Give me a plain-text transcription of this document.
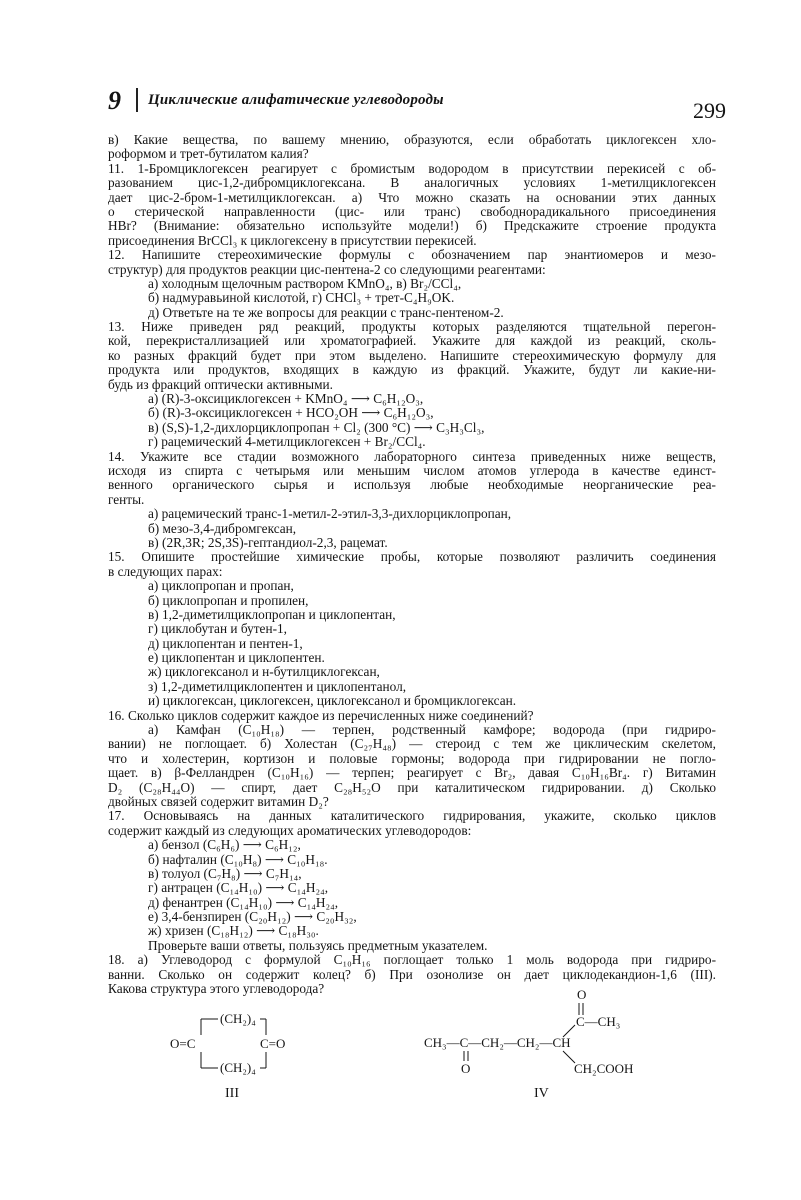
9 Циклические алифатические углеводороды	299
в) Какие вещества, по вашему мнению, образуются, если обработать циклогексен хло-
роформом и трет-бутилатом калия?
11. 1-Бромциклогексен реагирует с бромистым водородом в присутствии перекисей с об-
разованием цис-1,2-дибромциклогексана. В аналогичных условиях 1-метилциклогексен
дает цис-2-бром-1-метилциклогексан. а) Что можно сказать на основании этих данных
о стерической направленности (цис- или транс) свободнорадикального присоединения
HBr? (Внимание: обязательно используйте модели!) б) Предскажите строение продукта
присоединения BrCCl₃ к циклогексену в присутствии перекисей.
12. Напишите стереохимические формулы с обозначением пар энантиомеров и мезо-
структур) для продуктов реакции цис-пентена-2 со следующими реагентами:
а) холодным щелочным раствором KMnO₄, в) Br₂/CCl₄,
б) надмуравьиной кислотой, г) CHCl₃ + трет-C₄H₉OK.
д) Ответьте на те же вопросы для реакции с транс-пентеном-2.
13. Ниже приведен ряд реакций, продукты которых разделяются тщательной перегон-
кой, перекристаллизацией или хроматографией. Укажите для каждой из реакций, сколь-
ко разных фракций будет при этом выделено. Напишите стереохимическую формулу для
продукта или продуктов, входящих в каждую из фракций. Укажите, будут ли какие-ни-
будь из фракций оптически активными.
а) (R)-3-оксициклогексен + KMnO₄ ⟶ C₆H₁₂O₃,
б) (R)-3-оксициклогексен + HCO₂OH ⟶ C₆H₁₂O₃,
в) (S,S)-1,2-дихлорциклопропан + Cl₂ (300 °C) ⟶ C₃H₃Cl₃,
г) рацемический 4-метилциклогексен + Br₂/CCl₄.
14. Укажите все стадии возможного лабораторного синтеза приведенных ниже веществ,
исходя из спирта с четырьмя или меньшим числом атомов углерода в качестве единст-
венного органического сырья и используя любые необходимые неорганические реа-
генты.
а) рацемический транс-1-метил-2-этил-3,3-дихлорциклопропан,
б) мезо-3,4-дибромгексан,
в) (2R,3R; 2S,3S)-гептандиол-2,3, рацемат.
15. Опишите простейшие химические пробы, которые позволяют различить соединения
в следующих парах:
а) циклопропан и пропан,
б) циклопропан и пропилен,
в) 1,2-диметилциклопропан и циклопентан,
г) циклобутан и бутен-1,
д) циклопентан и пентен-1,
е) циклопентан и циклопентен.
ж) циклогексанол и н-бутилциклогексан,
з) 1,2-диметилциклопентен и циклопентанол,
и) циклогексан, циклогексен, циклогексанол и бромциклогексан.
16. Сколько циклов содержит каждое из перечисленных ниже соединений?
а) Камфан (C₁₀H₁₈) — терпен, родственный камфоре; водорода (при гидриро-
вании) не поглощает. б) Холестан (C₂₇H₄₈) — стероид с тем же циклическим скелетом,
что и холестерин, кортизон и половые гормоны; водорода при гидрировании не погло-
щает. в) β-Феллaндрен (C₁₀H₁₆) — терпен; реагирует с Br₂, давая C₁₀H₁₆Br₄. г) Витамин
D₂ (C₂₈H₄₄O) — спирт, дает C₂₈H₅₂O при каталитическом гидрировании. д) Сколько
двойных связей содержит витамин D₂?
17. Основываясь на данных каталитического гидрирования, укажите, сколько циклов
содержит каждый из следующих ароматических углеводородов:
а) бензол (C₆H₆) ⟶ C₆H₁₂,
б) нафталин (C₁₀H₈) ⟶ C₁₀H₁₈.
в) толуол (C₇H₈) ⟶ C₇H₁₄,
г) антрацен (C₁₄H₁₀) ⟶ C₁₄H₂₄,
д) фенантрен (C₁₄H₁₀) ⟶ C₁₄H₂₄,
е) 3,4-бензпирен (C₂₀H₁₂) ⟶ C₂₀H₃₂,
ж) хризен (C₁₈H₁₂) ⟶ C₁₈H₃₀.
Проверьте ваши ответы, пользуясь предметным указателем.
18. а) Углеводород с формулой C₁₀H₁₆ поглощает только 1 моль водорода при гидриро-
ванни. Сколько он содержит колец? б) При озонолизе он дает циклодекандион-1,6 (III).
Какова структура этого углеводорода?
(CH₂)₄
(CH₂)₄
O=C	C=O
III
O
C—CH₃
CH₃—C—CH₂—CH₂—CH
O	CH₂COOH
IV
